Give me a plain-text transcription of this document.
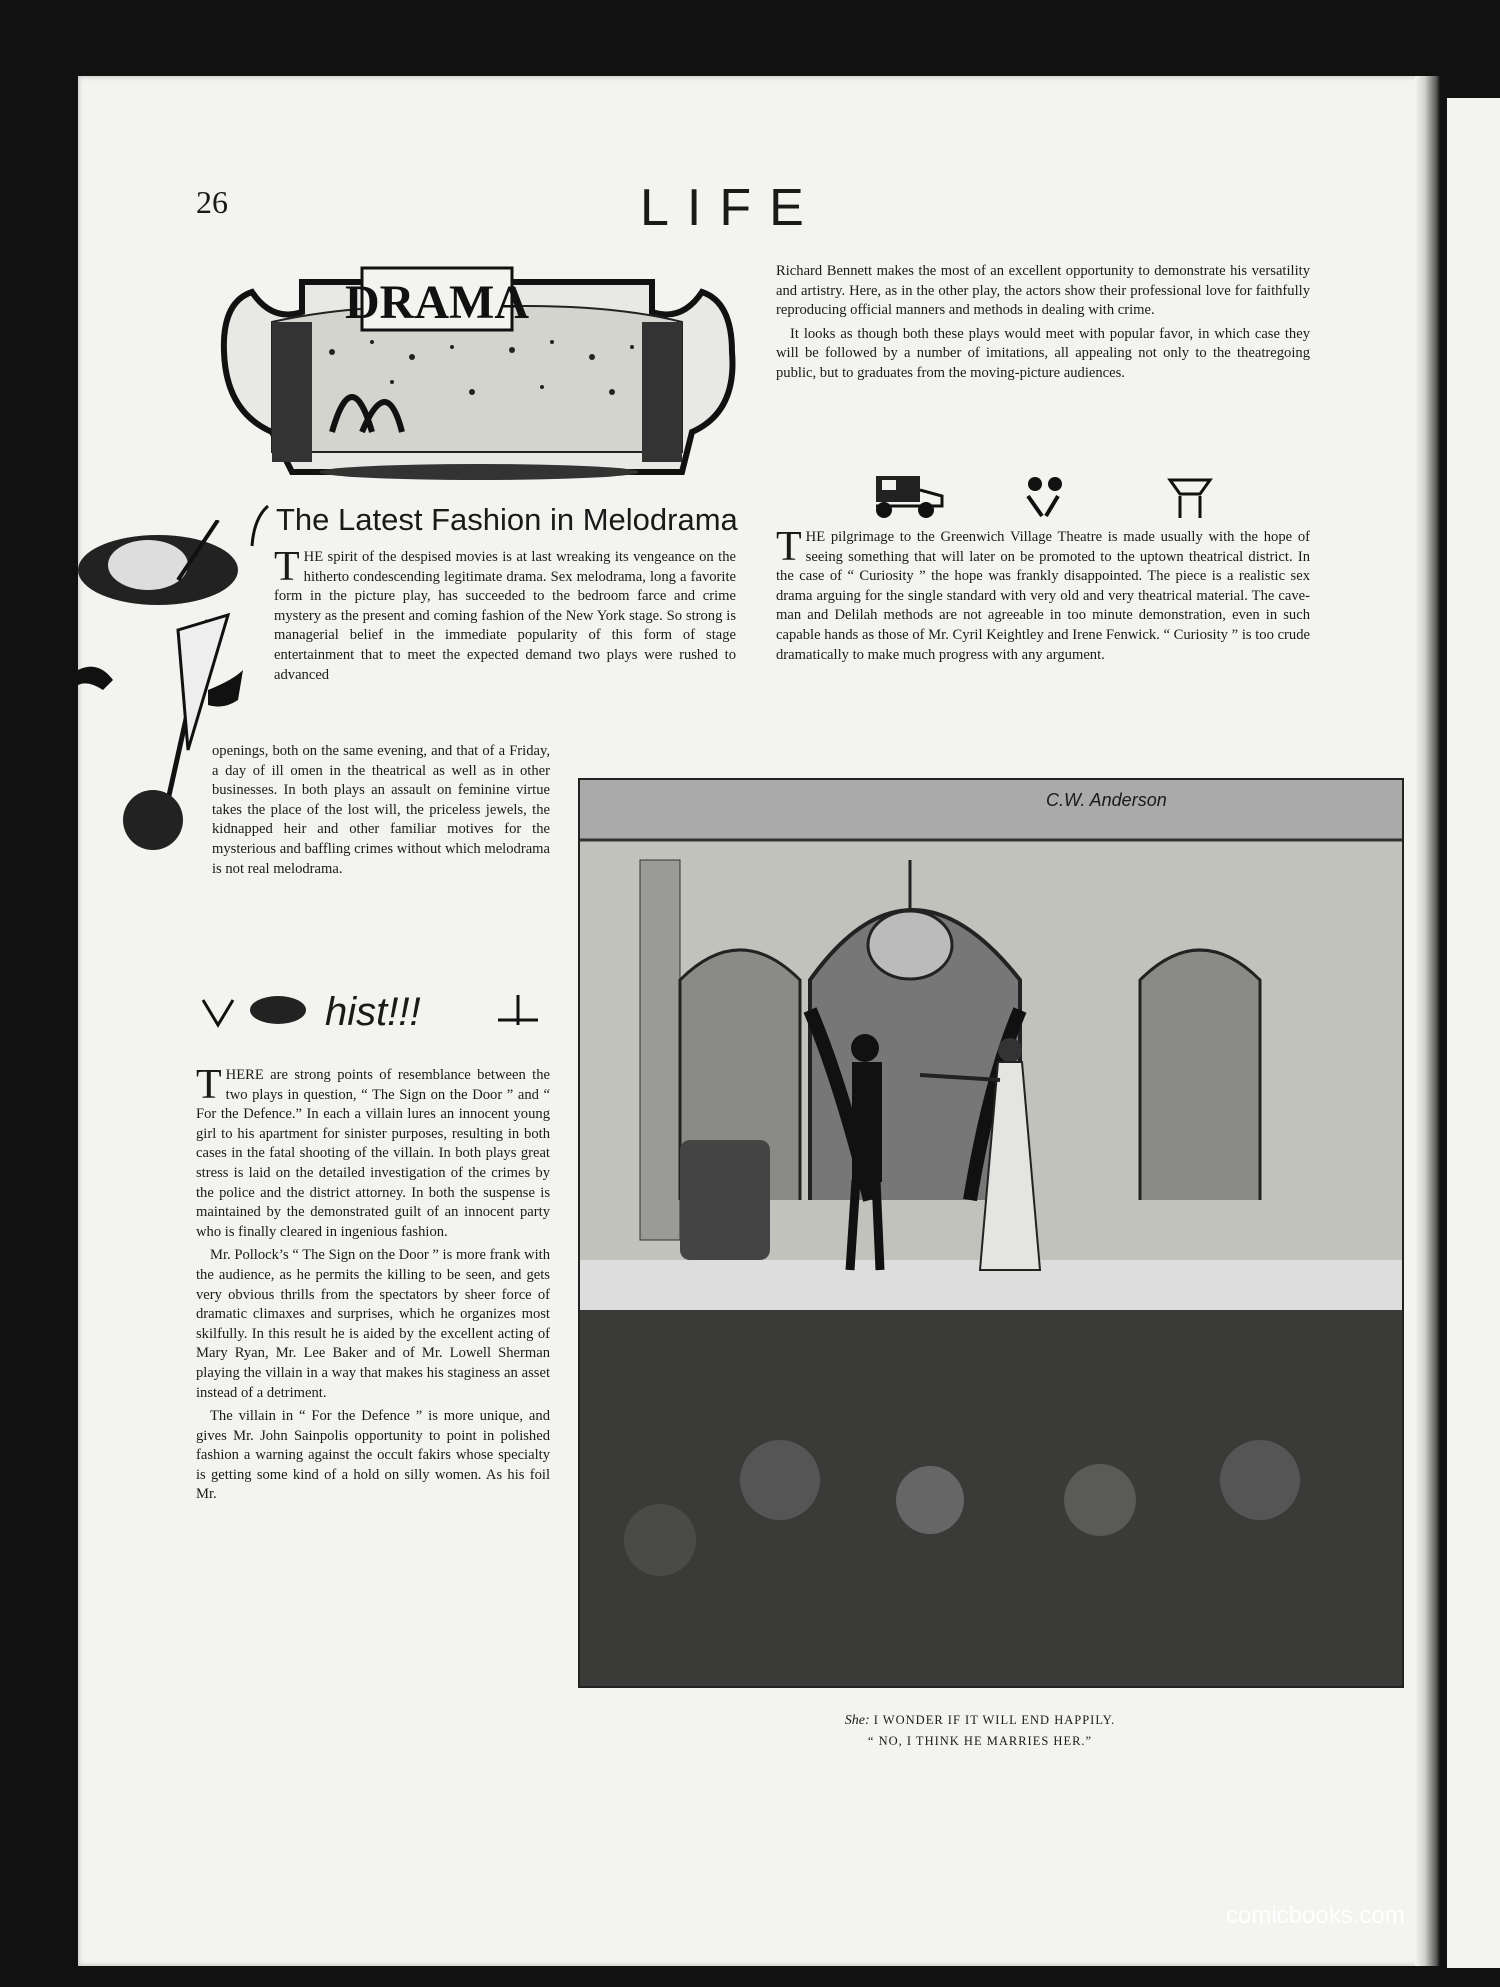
26	LIFE
DRAMA
The Latest Fashion in Melodrama

THE spirit of the despised movies is at last wreaking its vengeance on the hitherto condescending legitimate drama. Sex melodrama, long a favorite form in the picture play, has succeeded to the bedroom farce and crime mystery as the present and coming fashion of the New York stage. So strong is managerial belief in the immediate popularity of this form of stage entertainment that to meet the expected demand two plays were rushed to advanced

openings, both on the same evening, and that of a Friday, a day of ill omen in the theatrical as well as in other businesses. In both plays an assault on feminine virtue takes the place of the lost will, the priceless jewels, the kidnapped heir and other familiar motives for the mysterious and baffling crimes without which melodrama is not real melodrama.

hist!!!

THERE are strong points of resemblance between the two plays in question, “ The Sign on the Door ” and “ For the Defence.” In each a villain lures an innocent young girl to his apartment for sinister purposes, resulting in both cases in the fatal shooting of the villain. In both plays great stress is laid on the detailed investigation of the crimes by the police and the district attorney. In both the suspense is maintained by the demonstrated guilt of an innocent party who is finally cleared in ingenious fashion.

Mr. Pollock’s “ The Sign on the Door ” is more frank with the audience, as he permits the killing to be seen, and gets very obvious thrills from the spectators by sheer force of dramatic climaxes and surprises, which he organizes most skilfully. In this result he is aided by the excellent acting of Mary Ryan, Mr. Lee Baker and of Mr. Lowell Sherman playing the villain in a way that makes his staginess an asset instead of a detriment.

The villain in “ For the Defence ” is more unique, and gives Mr. John Sainpolis opportunity to point in polished fashion a warning against the occult fakirs whose specialty is getting some kind of a hold on silly women. As his foil Mr.

Richard Bennett makes the most of an excellent opportunity to demonstrate his versatility and artistry. Here, as in the other play, the actors show their professional love for faithfully reproducing official manners and methods in dealing with crime.

It looks as though both these plays would meet with popular favor, in which case they will be followed by a number of imitations, all appealing not only to the theatregoing public, but to graduates from the moving-picture audiences.

THE pilgrimage to the Greenwich Village Theatre is made usually with the hope of seeing something that will later on be promoted to the uptown theatrical district. In the case of “ Curiosity ” the hope was frankly disappointed. The piece is a realistic sex drama arguing for the single standard with very old and very theatrical material. The cave-man and Delilah methods are not agreeable in too minute demonstration, even in such capable hands as those of Mr. Cyril Keightley and Irene Fenwick. “ Curiosity ” is too crude dramatically to make much progress with any argument.

C.W. Anderson
She: I WONDER IF IT WILL END HAPPILY.
“ NO, I THINK HE MARRIES HER.”
comicbooks.com
